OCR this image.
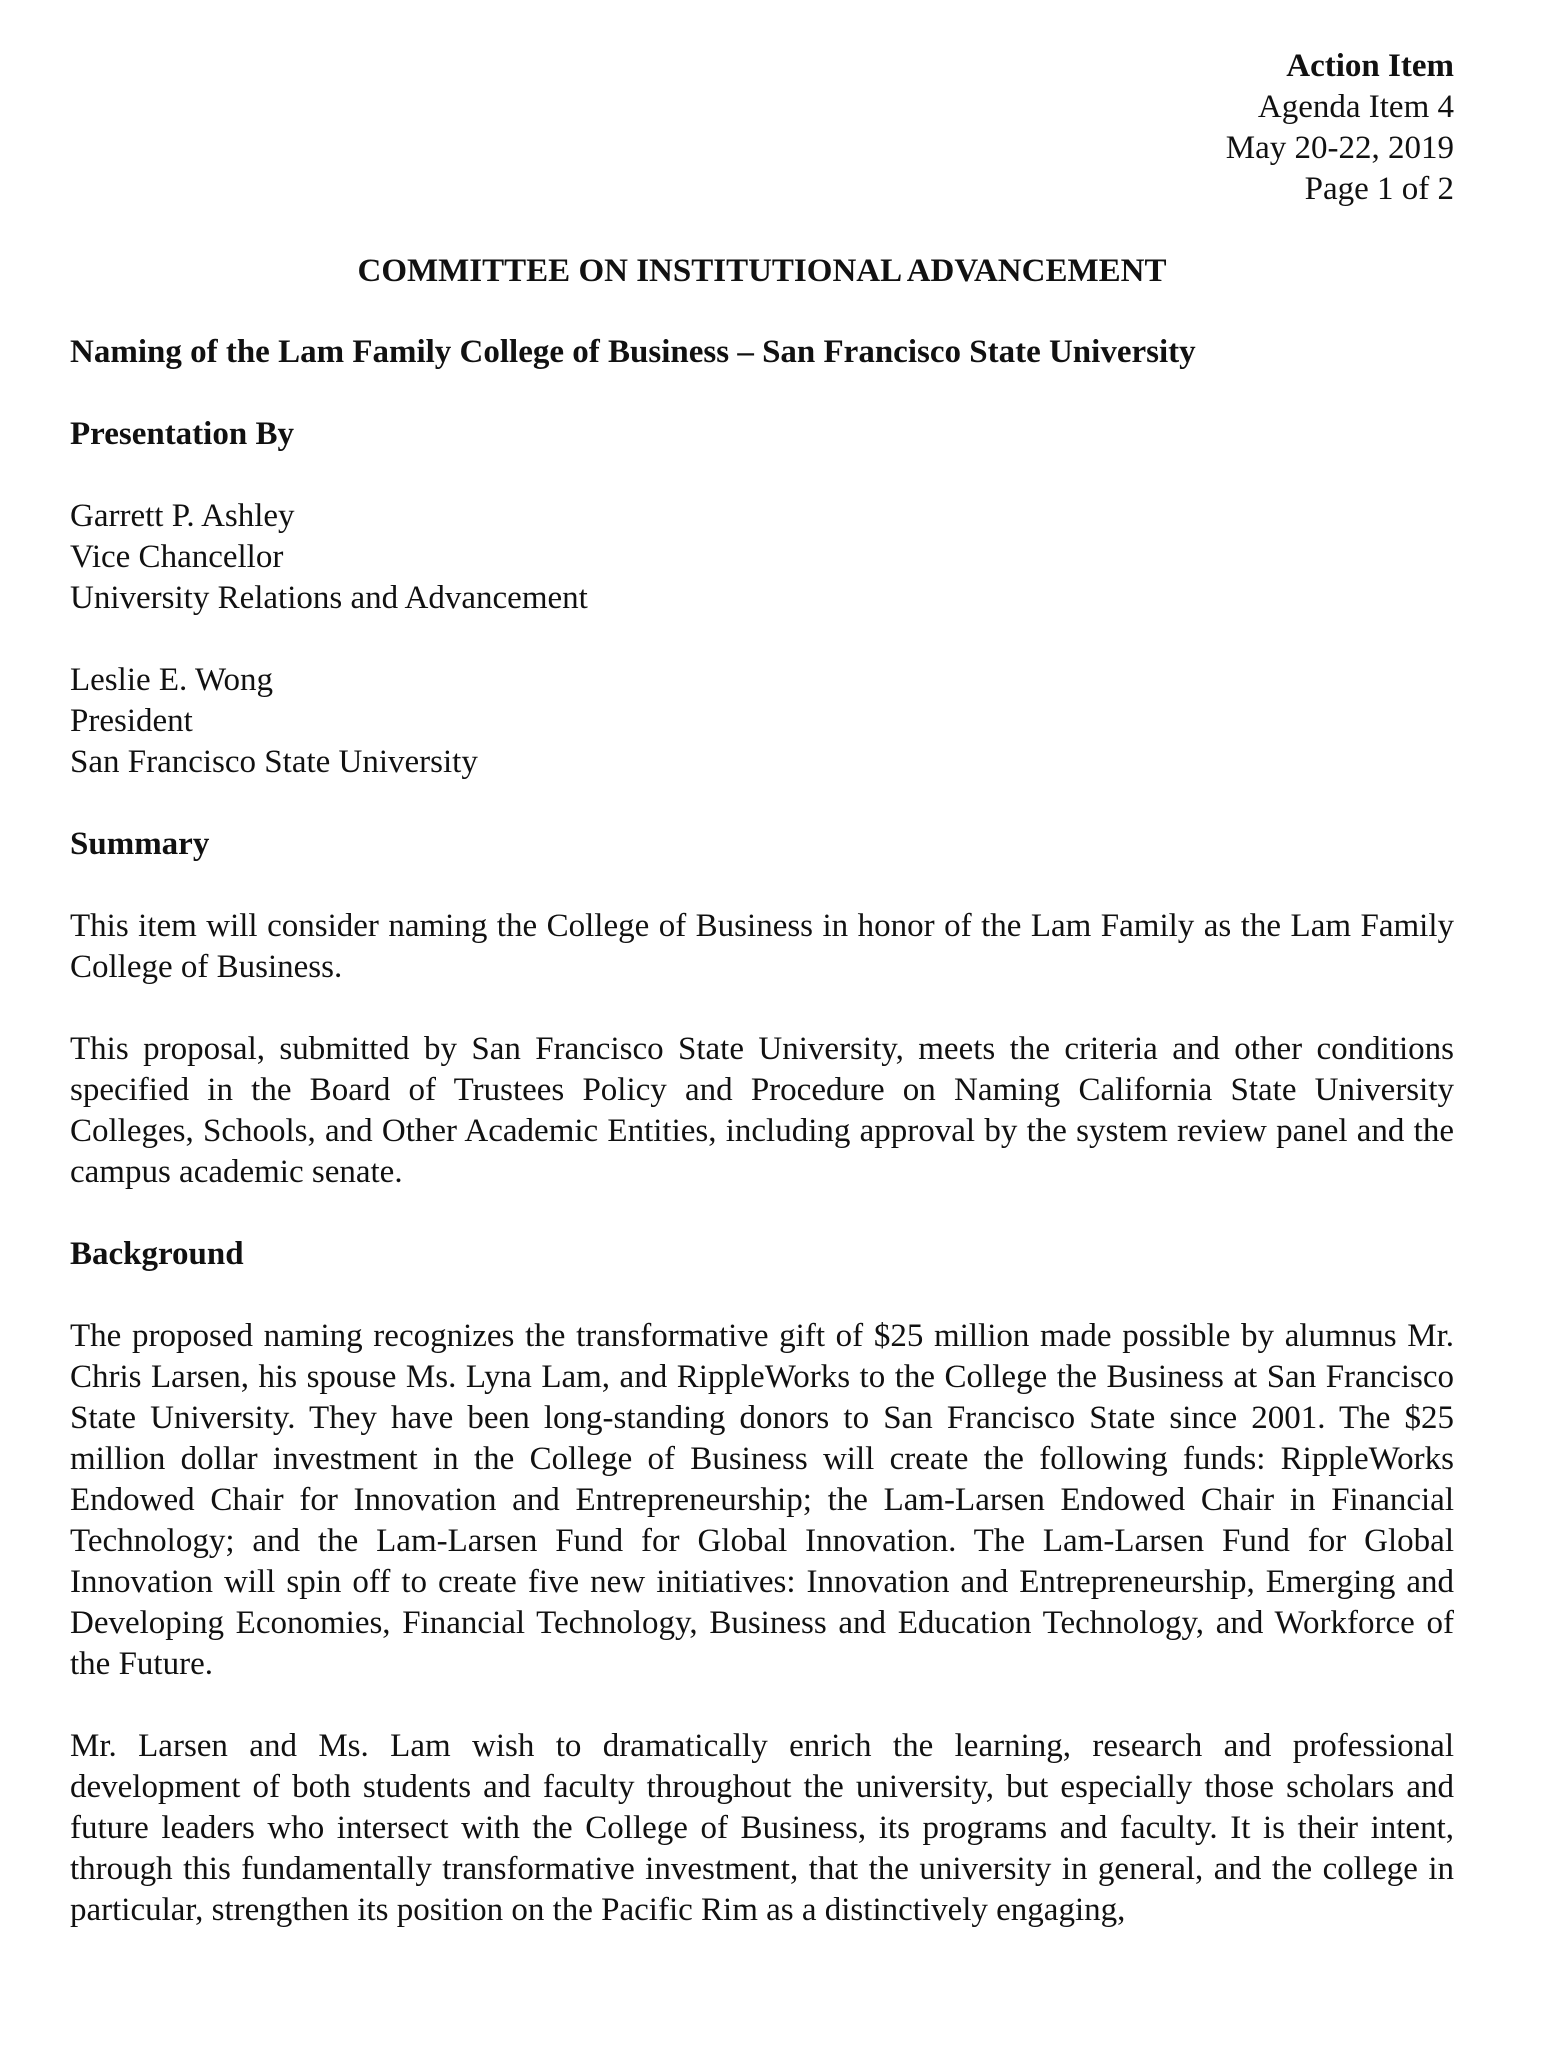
Action Item
Agenda Item 4
May 20-22, 2019
Page 1 of 2
COMMITTEE ON INSTITUTIONAL ADVANCEMENT
Naming of the Lam Family College of Business – San Francisco State University
Presentation By
Garrett P. Ashley
Vice Chancellor
University Relations and Advancement
Leslie E. Wong
President
San Francisco State University
Summary
This item will consider naming the College of Business in honor of the Lam Family as the Lam Family College of Business.
This proposal, submitted by San Francisco State University, meets the criteria and other conditions specified in the Board of Trustees Policy and Procedure on Naming California State University Colleges, Schools, and Other Academic Entities, including approval by the system review panel and the campus academic senate.
Background
The proposed naming recognizes the transformative gift of $25 million made possible by alumnus Mr. Chris Larsen, his spouse Ms. Lyna Lam, and RippleWorks to the College the Business at San Francisco State University. They have been long-standing donors to San Francisco State since 2001. The $25 million dollar investment in the College of Business will create the following funds: RippleWorks Endowed Chair for Innovation and Entrepreneurship; the Lam-Larsen Endowed Chair in Financial Technology; and the Lam-Larsen Fund for Global Innovation. The Lam-Larsen Fund for Global Innovation will spin off to create five new initiatives: Innovation and Entrepreneurship, Emerging and Developing Economies, Financial Technology, Business and Education Technology, and Workforce of the Future.
Mr. Larsen and Ms. Lam wish to dramatically enrich the learning, research and professional development of both students and faculty throughout the university, but especially those scholars and future leaders who intersect with the College of Business, its programs and faculty. It is their intent, through this fundamentally transformative investment, that the university in general, and the college in particular, strengthen its position on the Pacific Rim as a distinctively engaging,
